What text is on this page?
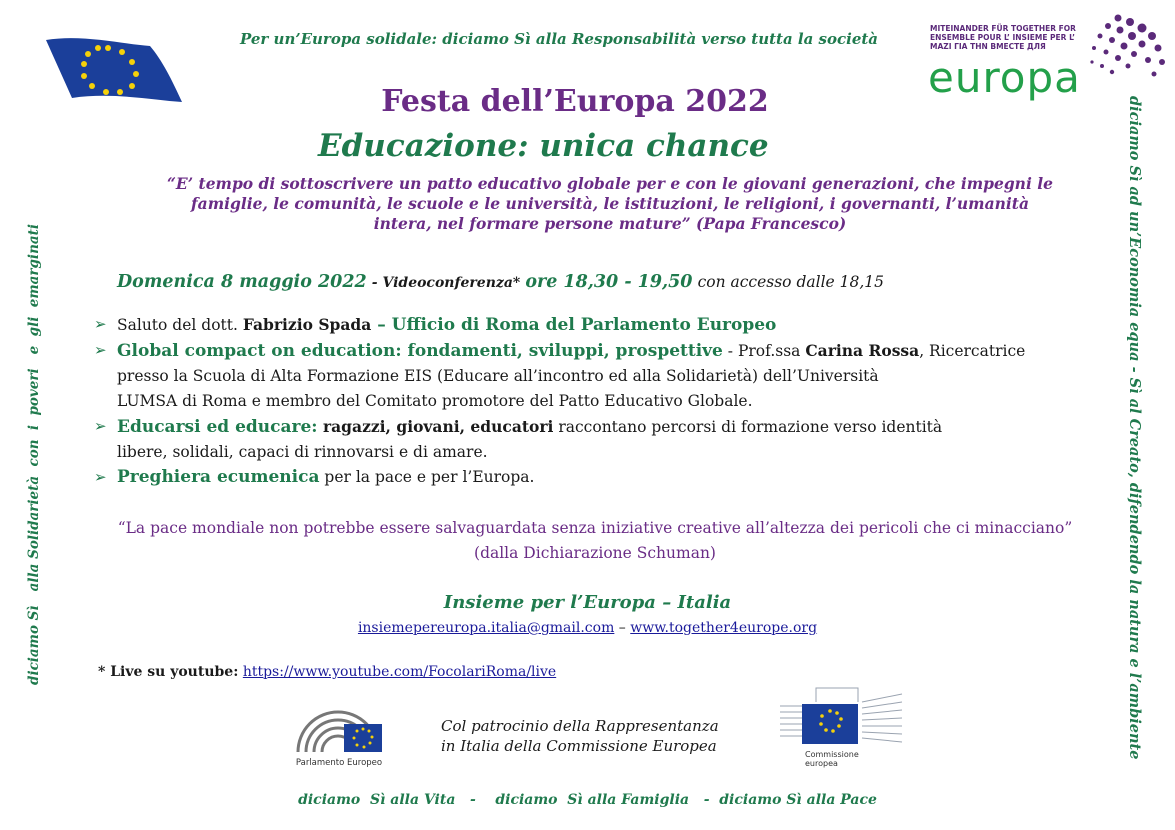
Per un’Europa solidale: diciamo Sì alla Responsabilità verso tutta la società
MITEINANDER FÜR TOGETHER FOR
ENSEMBLE POUR L’ INSIEME PER L’
ΜΑΖΙ ΓΙΑ ΤΗΝ ВМЕСТЕ ДЛЯ
europa
Festa dell’Europa 2022
Educazione: unica chance
“E’ tempo di sottoscrivere un patto educativo globale per e con le giovani generazioni, che impegni le famiglie, le comunità, le scuole e le università, le istituzioni, le religioni, i governanti, l’umanità intera, nel formare persone mature” (Papa Francesco)
Domenica 8 maggio 2022 - Videoconferenza* ore 18,30 - 19,50 con accesso dalle 18,15
➢ Saluto del dott. Fabrizio Spada – Ufficio di Roma del Parlamento Europeo
➢ Global compact on education: fondamenti, sviluppi, prospettive - Prof.ssa Carina Rossa, Ricercatrice
presso la Scuola di Alta Formazione EIS (Educare all’incontro ed alla Solidarietà) dell’Università
LUMSA di Roma e membro del Comitato promotore del Patto Educativo Globale.
➢ Educarsi ed educare: ragazzi, giovani, educatori raccontano percorsi di formazione verso identità
libere, solidali, capaci di rinnovarsi e di amare.
➢ Preghiera ecumenica per la pace e per l’Europa.
“La pace mondiale non potrebbe essere salvaguardata senza iniziative creative all’altezza dei pericoli che ci minacciano”
(dalla Dichiarazione Schuman)
Insieme per l’Europa – Italia
insiemepereuropa.italia@gmail.com – www.together4europe.org
* Live su youtube: https://www.youtube.com/FocolariRoma/live
Parlamento Europeo
Col patrocinio della Rappresentanza
in Italia della Commissione Europea	Commissione
europea
diciamo  Sì alla Vita   -    diciamo  Sì alla Famiglia   -  diciamo Sì alla Pace
diciamo Sì   alla Solidarietà  con  i  poveri   e  gli  emarginati	diciamo Sì ad un’Economia equa - Sì al Creato, difendendo la natura e l’ambiente
